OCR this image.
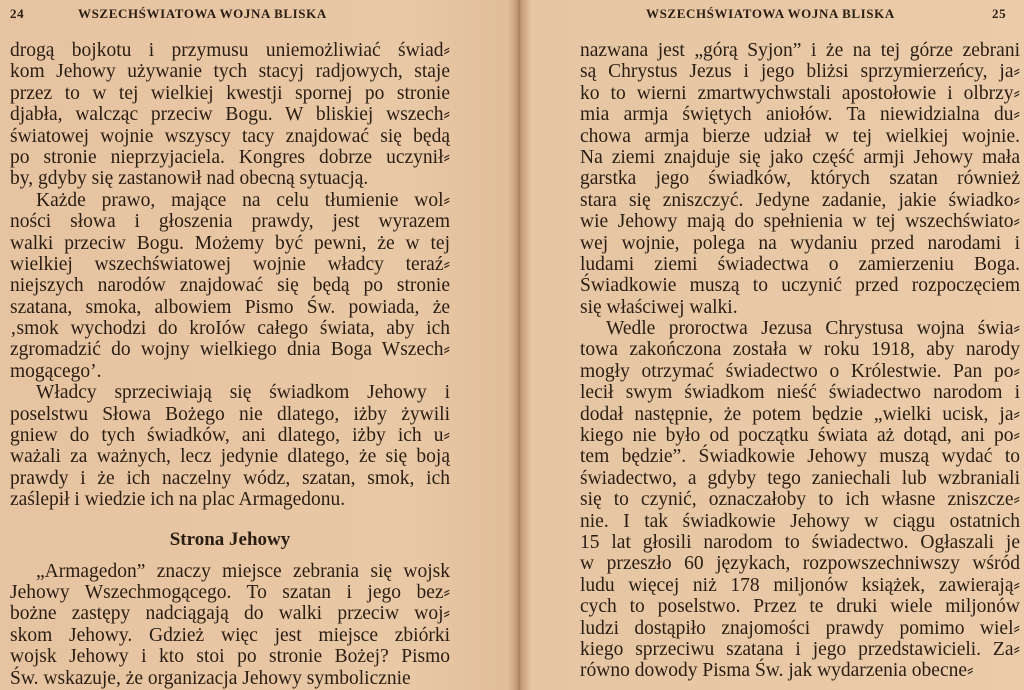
24	WSZECHŚWIATOWA WOJNA BLISKA
drogą bojkotu i przymusu uniemożliwiać świad⸗
kom Jehowy używanie tych stacyj radjowych, staje
przez to w tej wielkiej kwestji spornej po stronie
djabła, walcząc przeciw Bogu. W bliskiej wszech⸗
światowej wojnie wszyscy tacy znajdować się będą
po stronie nieprzyjaciela. Kongres dobrze uczynił⸗
by, gdyby się zastanowił nad obecną sytuacją.
Każde prawo, mające na celu tłumienie wol⸗
ności słowa i głoszenia prawdy, jest wyrazem
walki przeciw Bogu. Możemy być pewni, że w tej
wielkiej wszechświatowej wojnie władcy teraź⸗
niejszych narodów znajdować się będą po stronie
szatana, smoka, albowiem Pismo Św. powiada, że
‚smok wychodzi do kroIów całego świata, aby ich
zgromadzić do wojny wielkiego dnia Boga Wszech⸗
mogącego’.
Władcy sprzeciwiają się świadkom Jehowy i
poselstwu Słowa Bożego nie dlatego, iżby żywili
gniew do tych świadków, ani dlatego, iżby ich u⸗
ważali za ważnych, lecz jedynie dlatego, że się boją
prawdy i że ich naczelny wódz, szatan, smok, ich
zaślepił i wiedzie ich na plac Armagedonu.
Strona Jehowy
„Armagedon” znaczy miejsce zebrania się wojsk
Jehowy Wszechmogącego. To szatan i jego bez⸗
bożne zastępy nadciągają do walki przeciw woj⸗
skom Jehowy. Gdzież więc jest miejsce zbiórki
wojsk Jehowy i kto stoi po stronie Bożej? Pismo
Św. wskazuje, że organizacja Jehowy symbolicznie
WSZECHŚWIATOWA WOJNA BLISKA	25
nazwana jest „górą Syjon” i że na tej górze zebrani
są Chrystus Jezus i jego bliżsi sprzymierzeńcy, ja⸗
ko to wierni zmartwychwstali apostołowie i olbrzy⸗
mia armja świętych aniołów. Ta niewidzialna du⸗
chowa armja bierze udział w tej wielkiej wojnie.
Na ziemi znajduje się jako część armji Jehowy mała
garstka jego świadków, których szatan również
stara się zniszczyć. Jedyne zadanie, jakie świadko⸗
wie Jehowy mają do spełnienia w tej wszechświato⸗
wej wojnie, polega na wydaniu przed narodami i
ludami ziemi świadectwa o zamierzeniu Boga.
Świadkowie muszą to uczynić przed rozpoczęciem
się właściwej walki.
Wedle proroctwa Jezusa Chrystusa wojna świa⸗
towa zakończona została w roku 1918, aby narody
mogły otrzymać świadectwo o Królestwie. Pan po⸗
lecił swym świadkom nieść świadectwo narodom i
dodał następnie, że potem będzie „wielki ucisk, ja⸗
kiego nie było od początku świata aż dotąd, ani po⸗
tem będzie”. Świadkowie Jehowy muszą wydać to
świadectwo, a gdyby tego zaniechali lub wzbraniali
się to czynić, oznaczałoby to ich własne zniszcze⸗
nie. I tak świadkowie Jehowy w ciągu ostatnich
15 lat głosili narodom to świadectwo. Ogłaszali je
w przeszło 60 językach, rozpowszechniwszy wśród
ludu więcej niż 178 miljonów książek, zawierają⸗
cych to poselstwo. Przez te druki wiele miljonów
ludzi dostąpiło znajomości prawdy pomimo wiel⸗
kiego sprzeciwu szatana i jego przedstawicieli. Za⸗
równo dowody Pisma Św. jak wydarzenia obecne⸗
